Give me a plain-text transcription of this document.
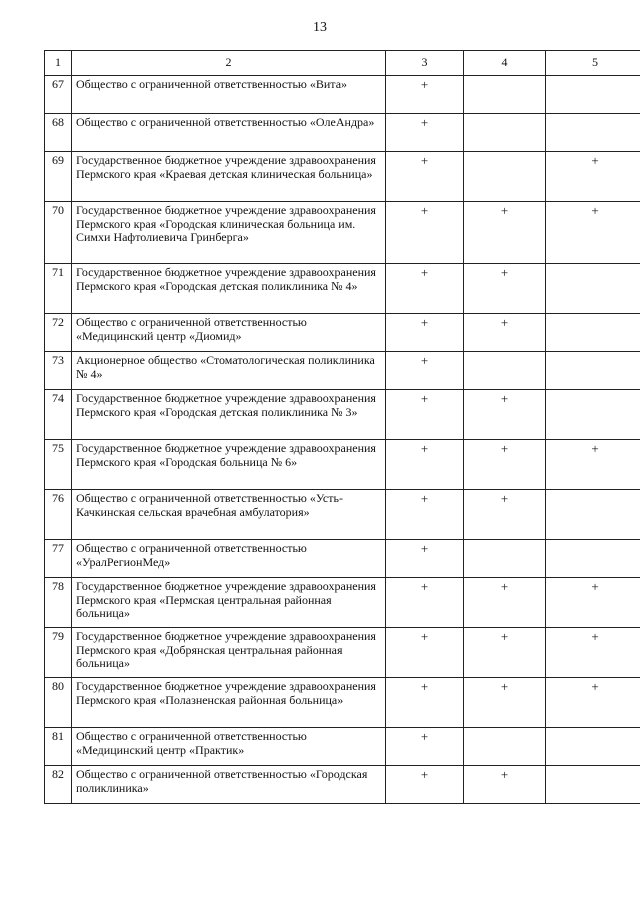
13
1	2	3	4	5
67	Общество с ограниченной ответственностью «Вита»	+		
68	Общество с ограниченной ответственностью «ОлеАндра»	+		
69	Государственное бюджетное учреждение здравоохранения Пермского края «Краевая детская клиническая больница»	+		+
70	Государственное бюджетное учреждение здравоохранения Пермского края «Городская клиническая больница им. Симхи Нафтолиевича Гринберга»	+	+	+
71	Государственное бюджетное учреждение здравоохранения Пермского края «Городская детская поликлиника № 4»	+	+	
72	Общество с ограниченной ответственностью «Медицинский центр «Диомид»	+	+	
73	Акционерное общество «Стоматологическая поликлиника № 4»	+		
74	Государственное бюджетное учреждение здравоохранения Пермского края «Городская детская поликлиника № 3»	+	+	
75	Государственное бюджетное учреждение здравоохранения Пермского края «Городская больница № 6»	+	+	+
76	Общество с ограниченной ответственностью «Усть-Качкинская сельская врачебная амбулатория»	+	+	
77	Общество с ограниченной ответственностью «УралРегионМед»	+		
78	Государственное бюджетное учреждение здравоохранения Пермского края «Пермская центральная районная больница»	+	+	+
79	Государственное бюджетное учреждение здравоохранения Пермского края «Добрянская центральная районная больница»	+	+	+
80	Государственное бюджетное учреждение здравоохранения Пермского края «Полазненская районная больница»	+	+	+
81	Общество с ограниченной ответственностью «Медицинский центр «Практик»	+		
82	Общество с ограниченной ответственностью «Городская поликлиника»	+	+	
